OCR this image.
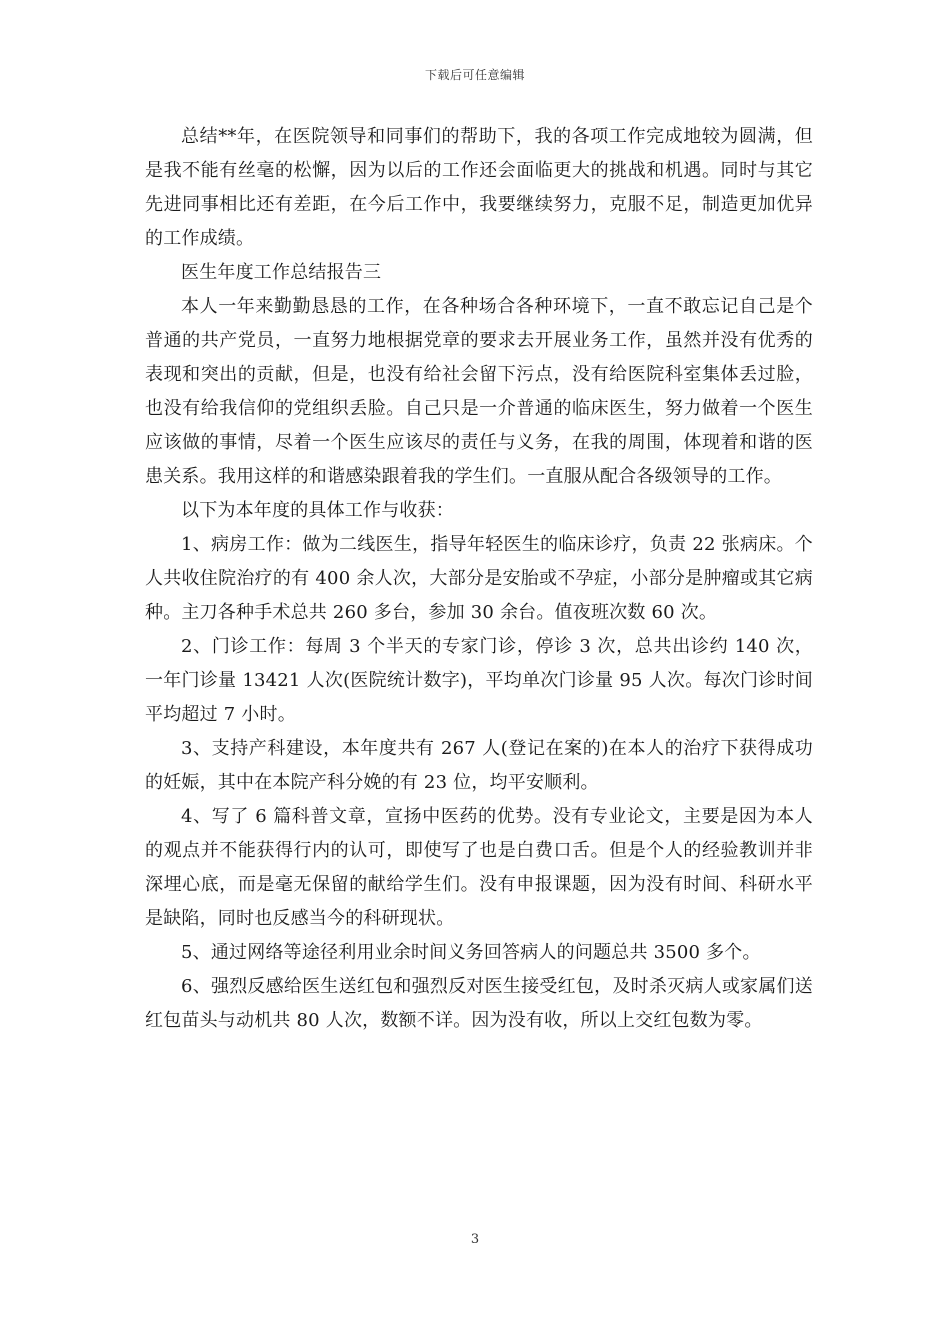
下载后可任意编辑

总结**年，在医院领导和同事们的帮助下，我的各项工作完成地较为圆满，但是我不能有丝毫的松懈，因为以后的工作还会面临更大的挑战和机遇。同时与其它先进同事相比还有差距，在今后工作中，我要继续努力，克服不足，制造更加优异的工作成绩。

医生年度工作总结报告三

本人一年来勤勤恳恳的工作，在各种场合各种环境下，一直不敢忘记自己是个普通的共产党员，一直努力地根据党章的要求去开展业务工作，虽然并没有优秀的表现和突出的贡献，但是，也没有给社会留下污点，没有给医院科室集体丢过脸，也没有给我信仰的党组织丢脸。自己只是一介普通的临床医生，努力做着一个医生应该做的事情，尽着一个医生应该尽的责任与义务，在我的周围，体现着和谐的医患关系。我用这样的和谐感染跟着我的学生们。一直服从配合各级领导的工作。

以下为本年度的具体工作与收获：

1、病房工作：做为二线医生，指导年轻医生的临床诊疗，负责 22 张病床。个人共收住院治疗的有 400 余人次，大部分是安胎或不孕症，小部分是肿瘤或其它病种。主刀各种手术总共 260 多台，参加 30 余台。值夜班次数 60 次。

2、门诊工作：每周 3 个半天的专家门诊，停诊 3 次，总共出诊约 140 次，一年门诊量 13421 人次(医院统计数字)，平均单次门诊量 95 人次。每次门诊时间平均超过 7 小时。

3、支持产科建设，本年度共有 267 人(登记在案的)在本人的治疗下获得成功的妊娠，其中在本院产科分娩的有 23 位，均平安顺利。

4、写了 6 篇科普文章，宣扬中医药的优势。没有专业论文，主要是因为本人的观点并不能获得行内的认可，即使写了也是白费口舌。但是个人的经验教训并非深埋心底，而是毫无保留的献给学生们。没有申报课题，因为没有时间、科研水平是缺陷，同时也反感当今的科研现状。

5、通过网络等途径利用业余时间义务回答病人的问题总共 3500 多个。

6、强烈反感给医生送红包和强烈反对医生接受红包，及时杀灭病人或家属们送红包苗头与动机共 80 人次，数额不详。因为没有收，所以上交红包数为零。

3
